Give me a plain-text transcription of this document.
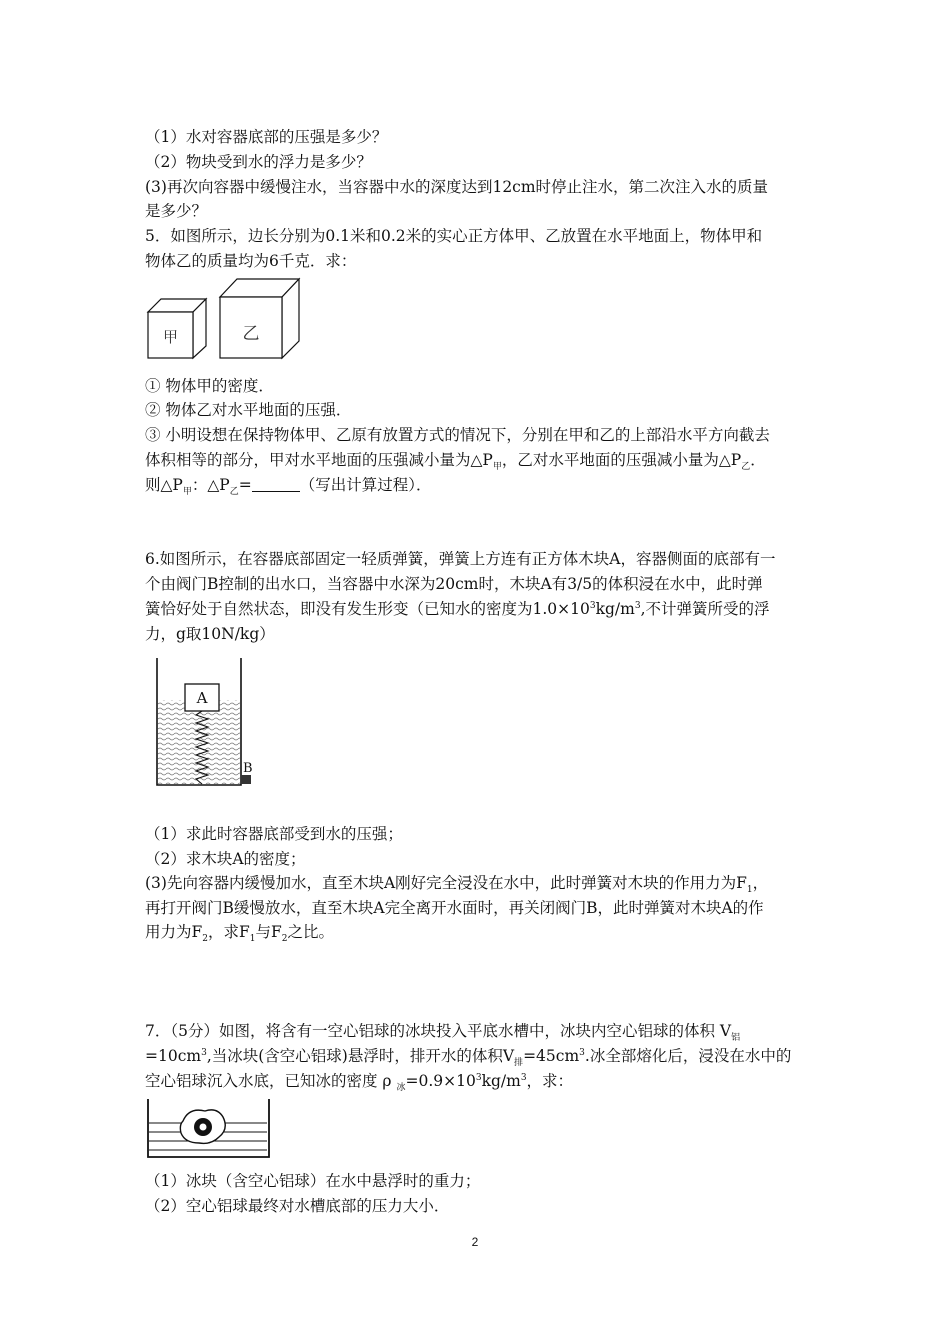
（1）水对容器底部的压强是多少？
（2）物块受到水的浮力是多少？
(3)再次向容器中缓慢注水，当容器中水的深度达到12cm时停止注水，第二次注入水的质量
是多少？
5．如图所示，边长分别为0.1米和0.2米的实心正方体甲、乙放置在水平地面上，物体甲和
物体乙的质量均为6千克．求：
甲	乙
① 物体甲的密度．
② 物体乙对水平地面的压强．
③ 小明设想在保持物体甲、乙原有放置方式的情况下，分别在甲和乙的上部沿水平方向截去
体积相等的部分，甲对水平地面的压强减小量为$\triangle P_甲$，乙对水平地面的压强减小量为$\triangle P_乙$．
则$\triangle P_甲$：$\triangle P_乙=$	（写出计算过程）．
6.如图所示，在容器底部固定一轻质弹簧，弹簧上方连有正方体木块A，容器侧面的底部有一
个由阀门B控制的出水口，当容器中水深为20cm时，木块A有3/5的体积浸在水中，此时弹
簧恰好处于自然状态，即没有发生形变（已知水的密度为$1.0\times 10^3kg/m^3$,不计弹簧所受的浮
力，g取10N/kg）
A
B
（1）求此时容器底部受到水的压强；
（2）求木块A的密度；
(3)先向容器内缓慢加水，直至木块A刚好完全浸没在水中，此时弹簧对木块的作用力为$F_1$，
再打开阀门B缓慢放水，直至木块A完全离开水面时，再关闭阀门B，此时弹簧对木块A的作
用力为$F_2$，求$F_1$与$F_2$之比。
7．（5分）如图，将含有一空心铝球的冰块投入平底水槽中，冰块内空心铝球的体积 $V_铝$
$=10cm^3$,当冰块(含空心铝球)悬浮时，排开水的体积$V_排=45cm^3$.冰全部熔化后，浸没在水中的
空心铝球沉入水底，已知冰的密度 ρ $_冰=0.9\times 10^3kg/m^3$，求：
（1）冰块（含空心铝球）在水中悬浮时的重力；
（2）空心铝球最终对水槽底部的压力大小．
2
